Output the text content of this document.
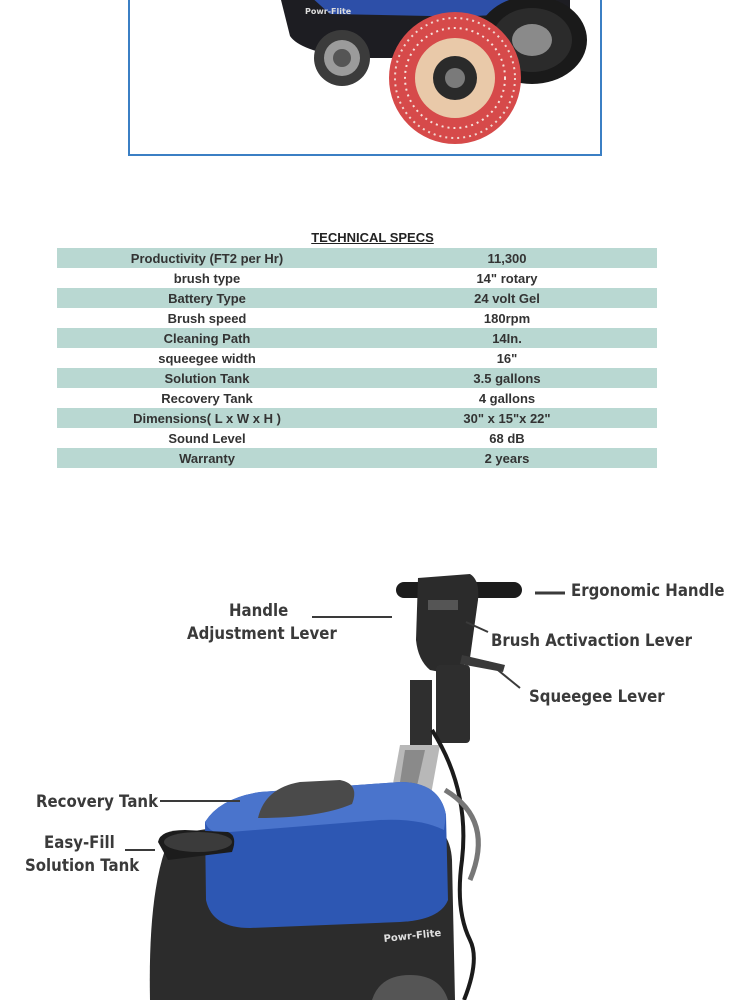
Powr-Flite
TECHNICAL SPECS
Productivity (FT2 per Hr)	11,300
brush type	14" rotary
Battery Type	24 volt Gel
Brush speed	180rpm
Cleaning Path	14In.
squeegee width	16"
Solution Tank	3.5 gallons
Recovery Tank	4 gallons
Dimensions( L x W x H )	30" x 15"x 22"
Sound Level	68 dB
Warranty	2 years
Powr-Flite
Ergonomic Handle
Handle
Adjustment Lever	Brush Activaction Lever
Squeegee Lever
Recovery Tank
Easy-Fill
Solution Tank
